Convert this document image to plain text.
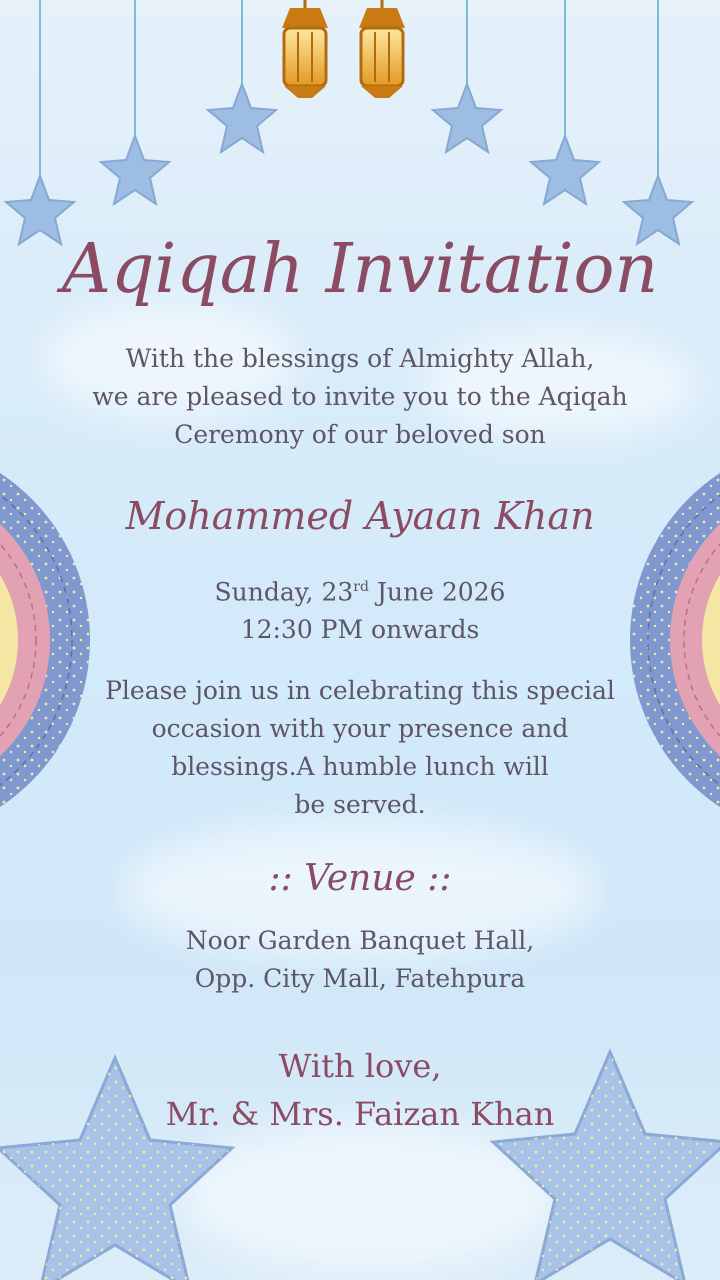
Aqiqah Invitation
With the blessings of Almighty Allah,
we are pleased to invite you to the Aqiqah
Ceremony of our beloved son
Mohammed Ayaan Khan
Sunday, 23rd June 2026
12:30 PM onwards
Please join us in celebrating this special
occasion with your presence and
blessings.A humble lunch will
be served.
:: Venue ::
Noor Garden Banquet Hall,
Opp. City Mall, Fatehpura
With love,
Mr. & Mrs. Faizan Khan
